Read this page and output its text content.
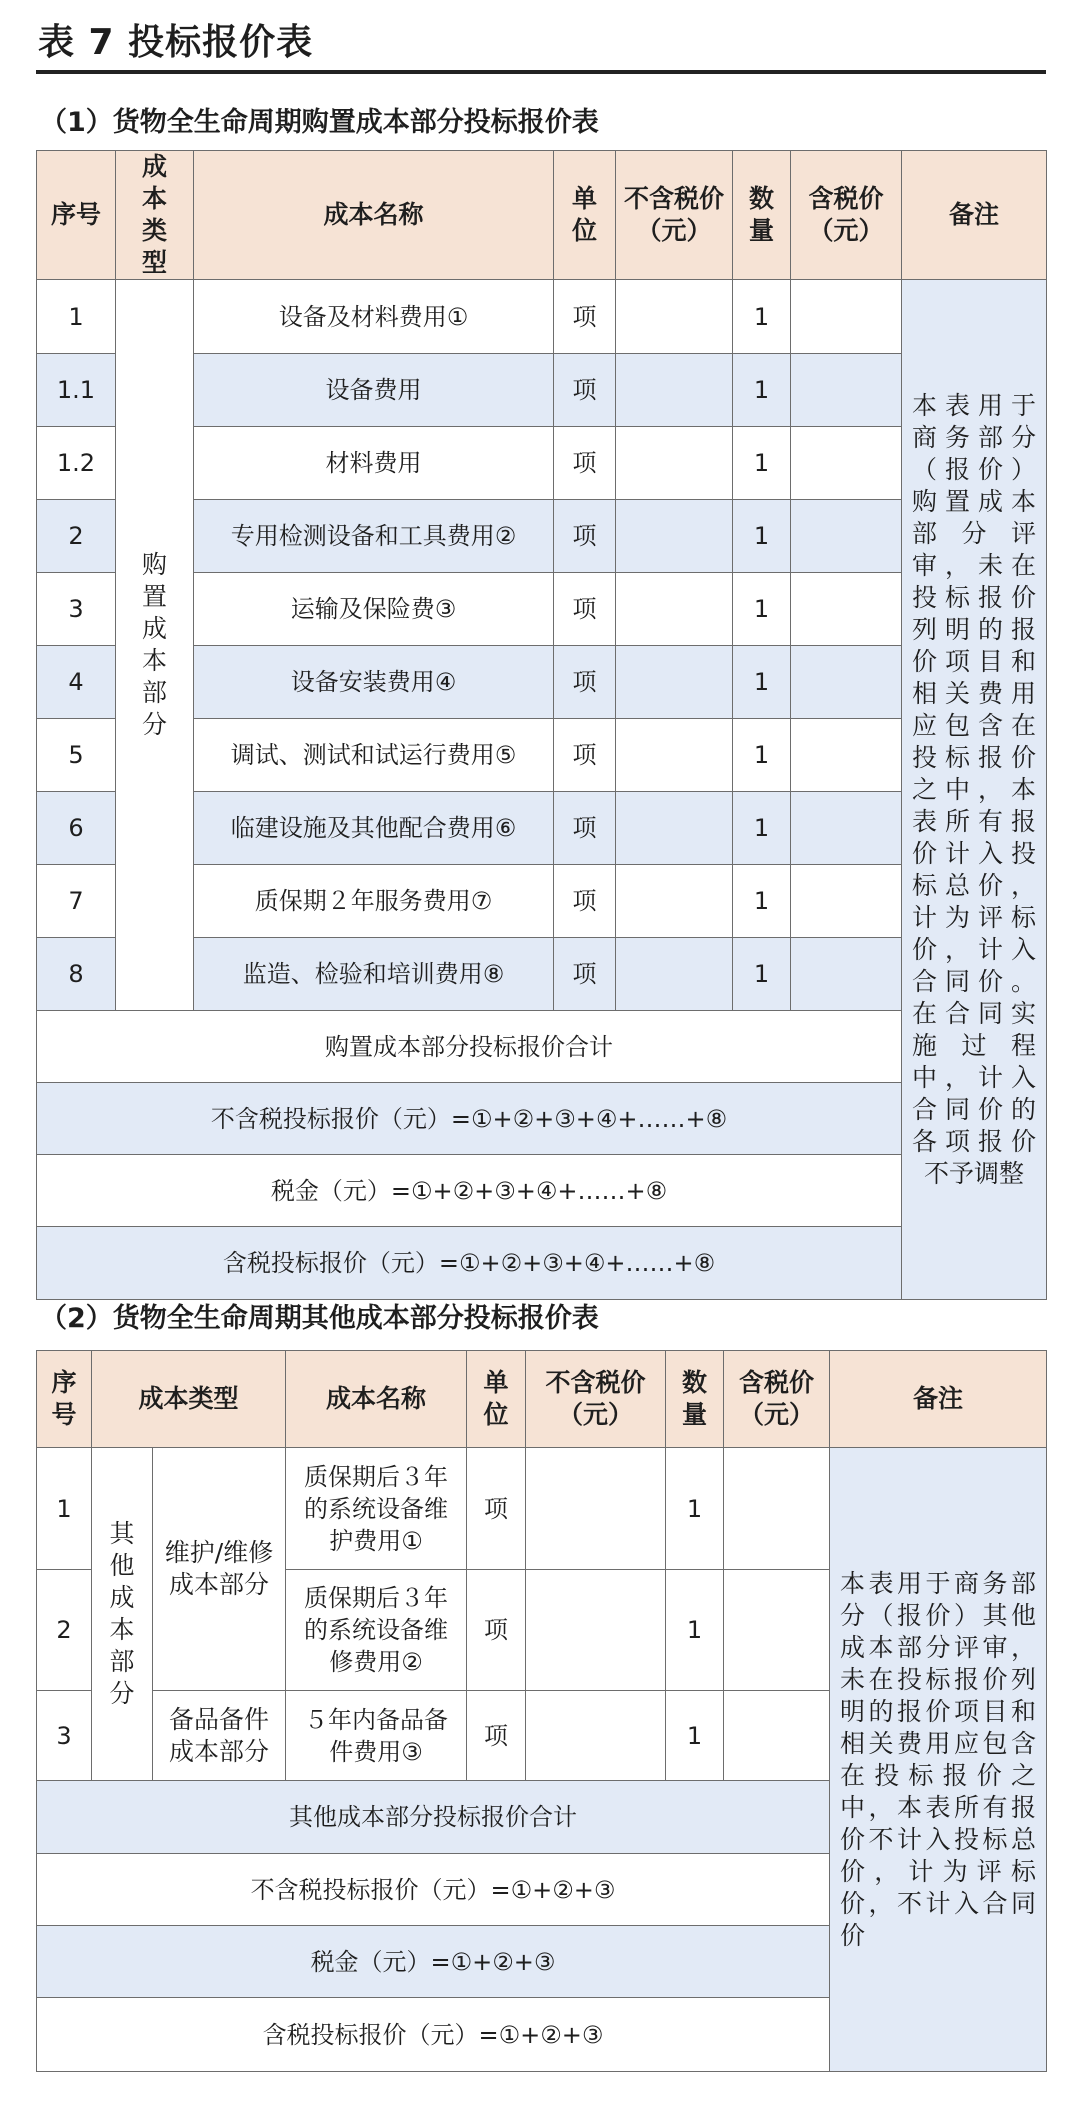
表 7 投标报价表
（1）货物全生命周期购置成本部分投标报价表
序号	成本类型	成本名称	单位	不含税价（元）	数量	含税价（元）	备注
1	购置成本部分	设备及材料费用①	项		1		本表用于商务部分（报价）购置成本部分评审，未在投标报价列明的报价项目和相关费用应包含在投标报价之中，本表所有报价计入投标总价，计为评标价，计入合同价。在合同实施过程中，计入合同价的各项报价不予调整
1.1		设备费用	项		1		
1.2		材料费用	项		1		
2		专用检测设备和工具费用②	项		1		
3		运输及保险费③	项		1		
4		设备安装费用④	项		1		
5		调试、测试和试运行费用⑤	项		1		
6		临建设施及其他配合费用⑥	项		1		
7		质保期２年服务费用⑦	项		1		
8		监造、检验和培训费用⑧	项		1		
购置成本部分投标报价合计							
不含税投标报价（元）=①+②+③+④+……+⑧							
税金（元）=①+②+③+④+……+⑧							
含税投标报价（元）=①+②+③+④+……+⑧							
（2）货物全生命周期其他成本部分投标报价表
序号	成本类型		成本名称	单位	不含税价（元）	数量	含税价（元）	备注
1	其他成本部分	维护/维修成本部分	质保期后３年的系统设备维护费用①	项		1		本表用于商务部分（报价）其他成本部分评审，未在投标报价列明的报价项目和相关费用应包含在投标报价之中，本表所有报价不计入投标总价，计为评标价，不计入合同价
2			质保期后３年的系统设备维修费用②	项		1		
3		备品备件成本部分	５年内备品备件费用③	项		1		
其他成本部分投标报价合计								
不含税投标报价（元）=①+②+③								
税金（元）=①+②+③								
含税投标报价（元）=①+②+③								
